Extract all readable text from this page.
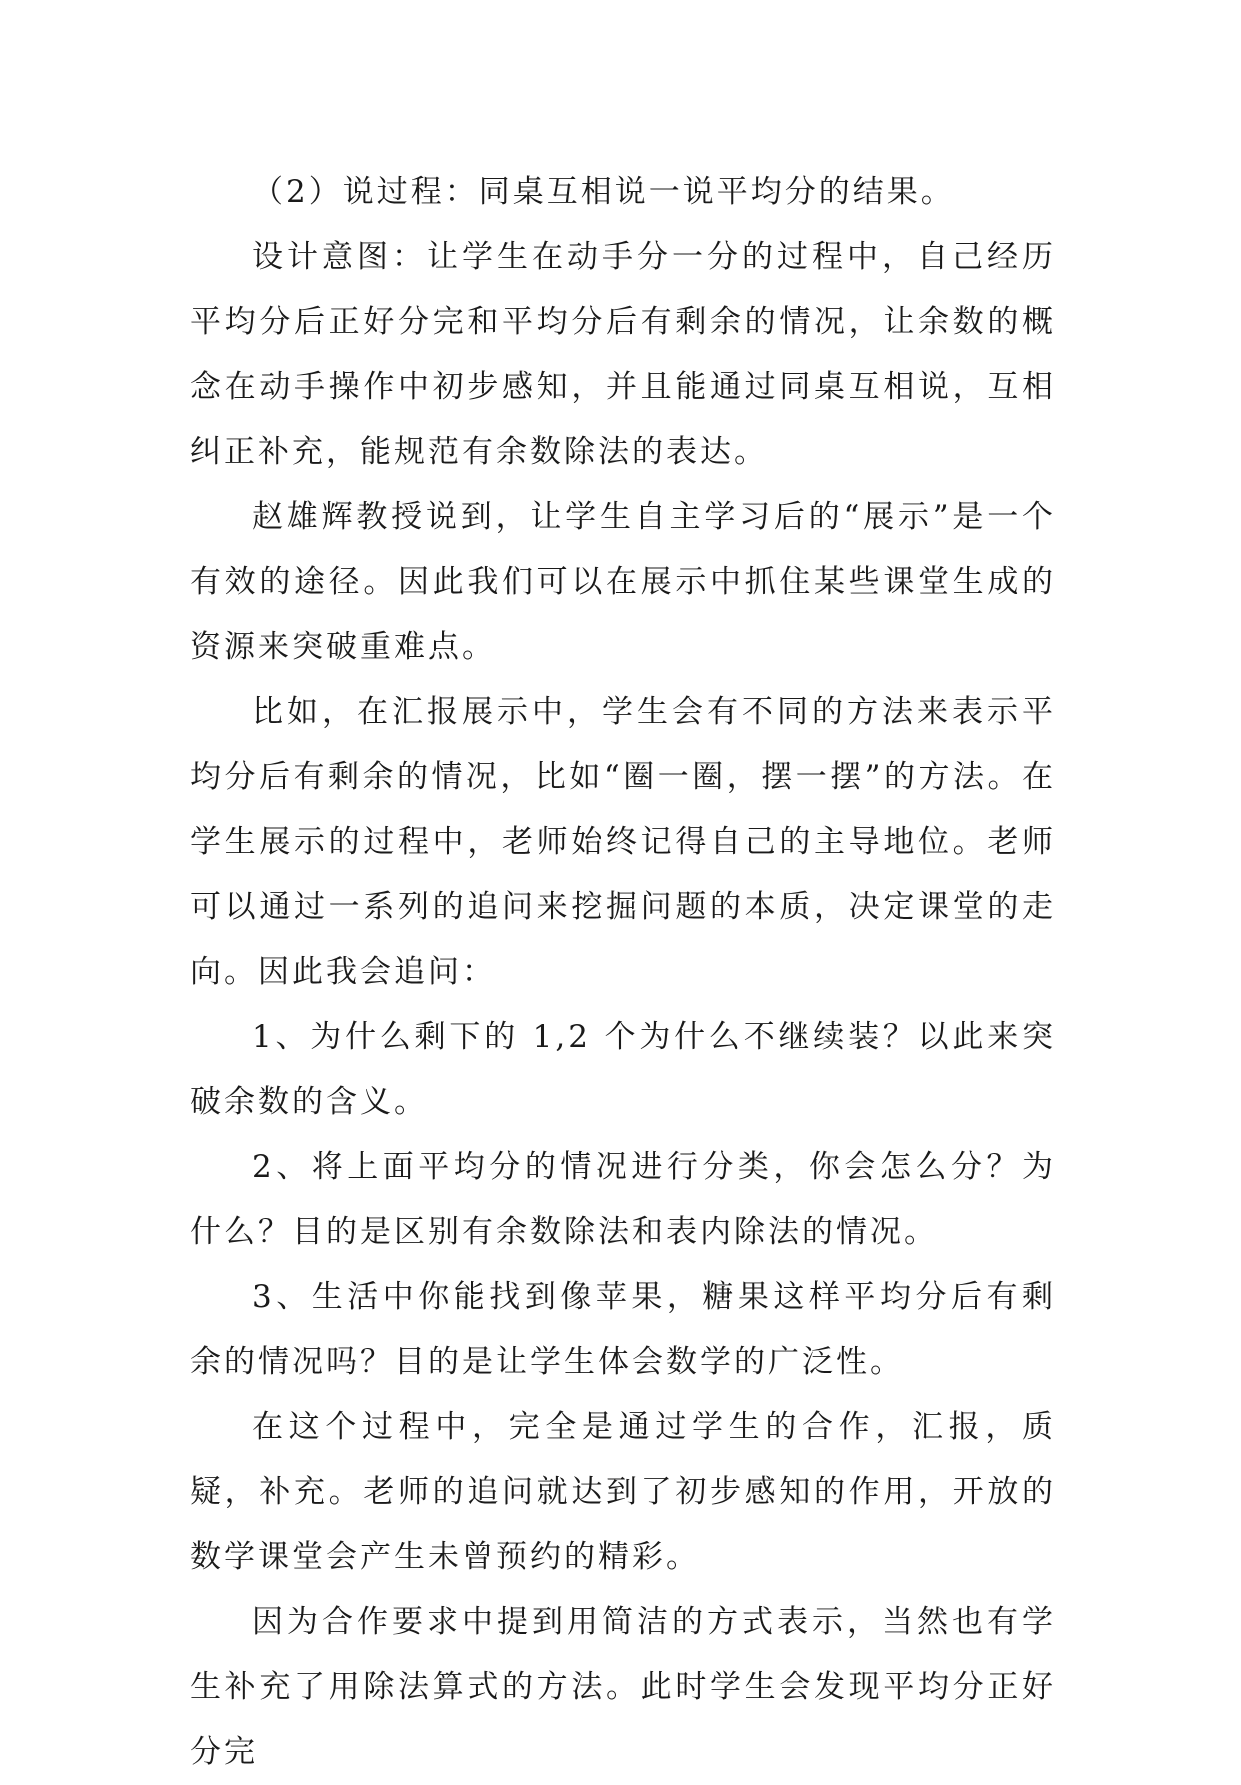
（2）说过程：同桌互相说一说平均分的结果。

设计意图：让学生在动手分一分的过程中，自己经历平均分后正好分完和平均分后有剩余的情况，让余数的概念在动手操作中初步感知，并且能通过同桌互相说，互相纠正补充，能规范有余数除法的表达。

赵雄辉教授说到，让学生自主学习后的“展示”是一个有效的途径。因此我们可以在展示中抓住某些课堂生成的资源来突破重难点。

比如，在汇报展示中，学生会有不同的方法来表示平均分后有剩余的情况，比如“圈一圈，摆一摆”的方法。在学生展示的过程中，老师始终记得自己的主导地位。老师可以通过一系列的追问来挖掘问题的本质，决定课堂的走向。因此我会追问：

1、为什么剩下的 1,2 个为什么不继续装？以此来突破余数的含义。

2、将上面平均分的情况进行分类，你会怎么分？为什么？目的是区别有余数除法和表内除法的情况。

3、生活中你能找到像苹果，糖果这样平均分后有剩余的情况吗？目的是让学生体会数学的广泛性。

在这个过程中，完全是通过学生的合作，汇报，质疑，补充。老师的追问就达到了初步感知的作用，开放的数学课堂会产生未曾预约的精彩。

因为合作要求中提到用简洁的方式表示，当然也有学生补充了用除法算式的方法。此时学生会发现平均分正好分完
